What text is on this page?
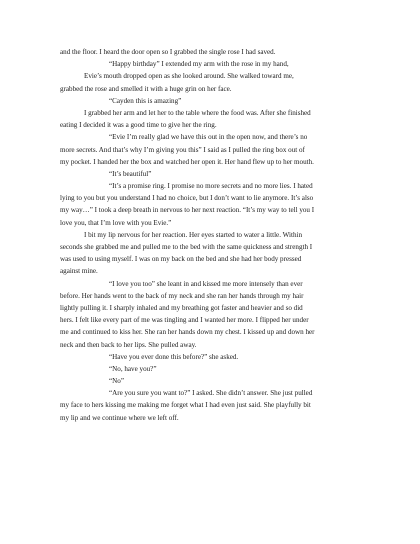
and the floor. I heard the door open so I grabbed the single rose I had saved.

“Happy birthday” I extended my arm with the rose in my hand,

Evie’s mouth dropped open as she looked around. She walked toward me,

grabbed the rose and smelled it with a huge grin on her face.

“Cayden this is amazing”

I grabbed her arm and let her to the table where the food was. After she finished

eating I decided it was a good time to give her the ring.

“Evie I’m really glad we have this out in the open now, and there’s no

more secrets. And that’s why I’m giving you this” I said as I pulled the ring box out of

my pocket. I handed her the box and watched her open it. Her hand flew up to her mouth.

“It’s beautiful”

“It’s a promise ring. I promise no more secrets and no more lies. I hated

lying to you but you understand I had no choice, but I don’t want to lie anymore. It’s also

my way…” I took a deep breath in nervous to her next reaction. “It’s my way to tell you I

love you, that I’m love with you Evie.”

I bit my lip nervous for her reaction. Her eyes started to water a little. Within

seconds she grabbed me and pulled me to the bed with the same quickness and strength I

was used to using myself. I was on my back on the bed and she had her body pressed

against mine.

“I love you too” she leant in and kissed me more intensely than ever

before. Her hands went to the back of my neck and she ran her hands through my hair

lightly pulling it. I sharply inhaled and my breathing got faster and heavier and so did

hers. I felt like every part of me was tingling and I wanted her more. I flipped her under

me and continued to kiss her. She ran her hands down my chest. I kissed up and down her

neck and then back to her lips. She pulled away.

“Have you ever done this before?” she asked.

“No, have you?”

“No”

“Are you sure you want to?” I asked. She didn’t answer. She just pulled

my face to hers kissing me making me forget what I had even just said. She playfully bit

my lip and we continue where we left off.
